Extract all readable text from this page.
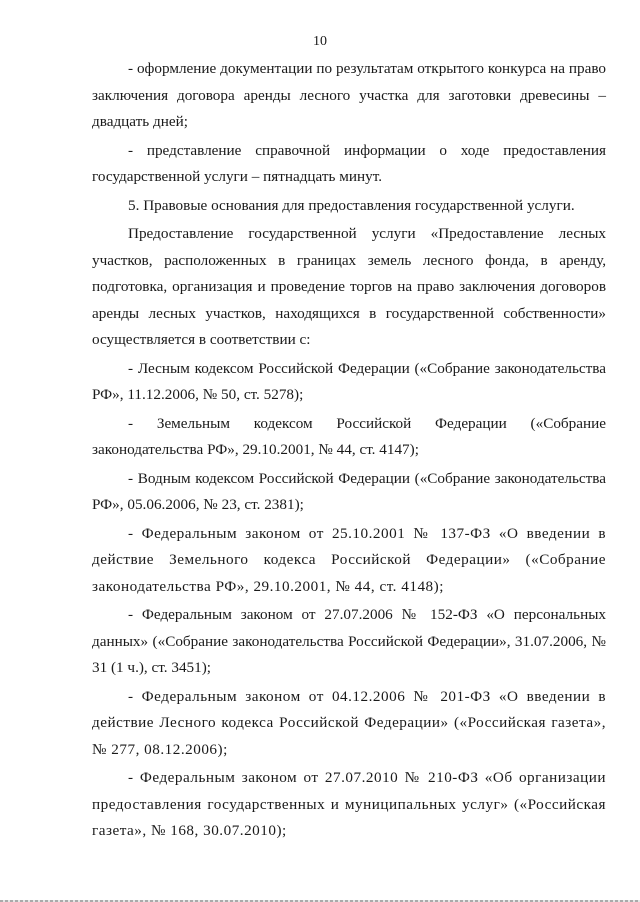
10

- оформление документации по результатам открытого конкурса на право заключения договора аренды лесного участка для заготовки древесины – двадцать дней;

- представление справочной информации о ходе предоставления государственной услуги – пятнадцать минут.

5. Правовые основания для предоставления государственной услуги.

Предоставление государственной услуги «Предоставление лесных участков, расположенных в границах земель лесного фонда, в аренду, подготовка, организация и проведение торгов на право заключения договоров аренды лесных участков, находящихся в государственной собственности» осуществляется в соответствии с:

- Лесным кодексом Российской Федерации («Собрание законодательства РФ», 11.12.2006, № 50, ст. 5278);

- Земельным кодексом Российской Федерации («Собрание законодательства РФ», 29.10.2001, № 44, ст. 4147);

- Водным кодексом Российской Федерации («Собрание законодательства РФ», 05.06.2006, № 23, ст. 2381);

- Федеральным законом от 25.10.2001 № 137-ФЗ «О введении в действие Земельного кодекса Российской Федерации» («Собрание законодательства РФ», 29.10.2001, № 44, ст. 4148);

- Федеральным законом от 27.07.2006 № 152-ФЗ «О персональных данных» («Собрание законодательства Российской Федерации», 31.07.2006, № 31 (1 ч.), ст. 3451);

- Федеральным законом от 04.12.2006 № 201-ФЗ «О введении в действие Лесного кодекса Российской Федерации» («Российская газета», № 277, 08.12.2006);

- Федеральным законом от 27.07.2010 № 210-ФЗ «Об организации предоставления государственных и муниципальных услуг» («Российская газета», № 168, 30.07.2010);
